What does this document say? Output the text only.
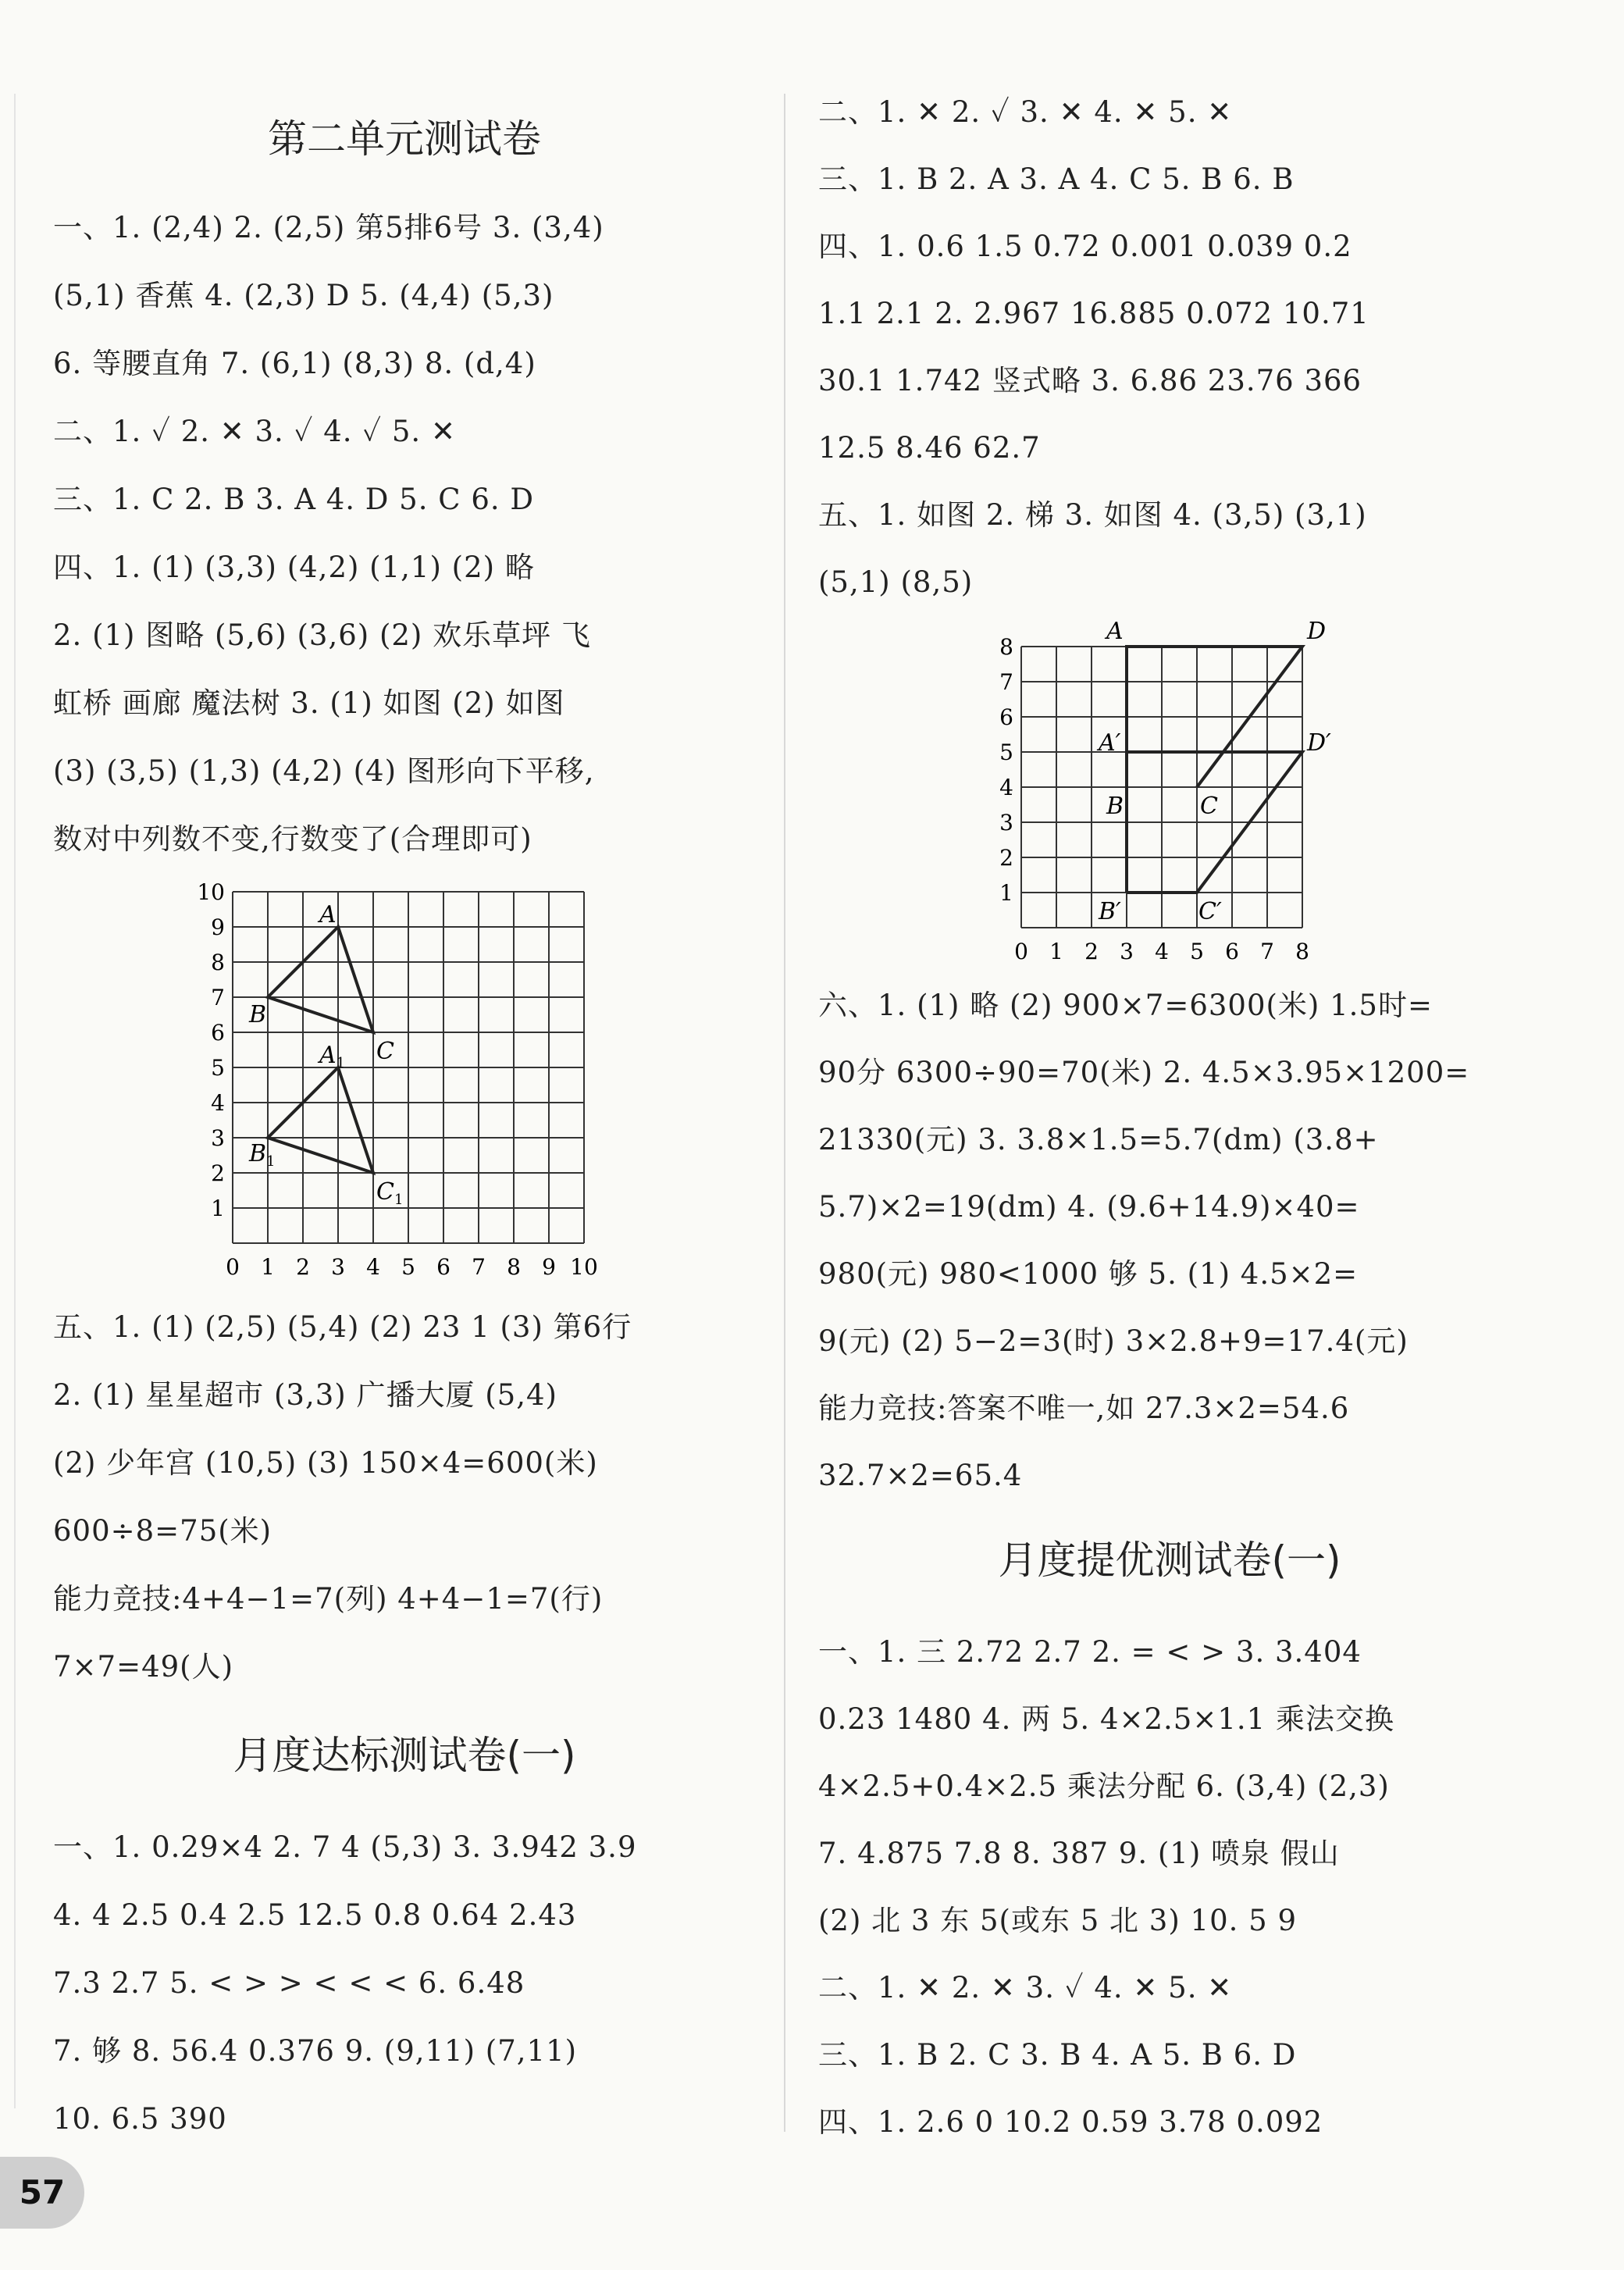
第二单元测试卷
一、1. (2,4) 2. (2,5) 第5排6号 3. (3,4)
(5,1) 香蕉 4. (2,3) D 5. (4,4) (5,3)
6. 等腰直角 7. (6,1) (8,3) 8. (d,4)
二、1. ✓ 2. ✕ 3. ✓ 4. ✓ 5. ✕
三、1. C 2. B 3. A 4. D 5. C 6. D
四、1. (1) (3,3) (4,2) (1,1) (2) 略
2. (1) 图略 (5,6) (3,6) (2) 欢乐草坪 飞
虹桥 画廊 魔法树 3. (1) 如图 (2) 如图
(3) (3,5) (1,3) (4,2) (4) 图形向下平移,
数对中列数不变,行数变了(合理即可)
0 1 2 3 4 5 6 7 8 9 10
1
2
3
4
5
6
7
8
9
10
A
B
C
$A_1$
$B_1$
$C_1$
五、1. (1) (2,5) (5,4) (2) 23 1 (3) 第6行
2. (1) 星星超市 (3,3) 广播大厦 (5,4)
(2) 少年宫 (10,5) (3) 150×4=600(米)
600÷8=75(米)
能力竞技:4+4−1=7(列) 4+4−1=7(行)
7×7=49(人)
月度达标测试卷(一)
一、1. 0.29×4 2. 7 4 (5,3) 3. 3.942 3.9
4. 4 2.5 0.4 2.5 12.5 0.8 0.64 2.43
7.3 2.7 5. < > > < < < 6. 6.48
7. 够 8. 56.4 0.376 9. (9,11) (7,11)
10. 6.5 390
二、1. ✕ 2. ✓ 3. ✕ 4. ✕ 5. ✕
三、1. B 2. A 3. A 4. C 5. B 6. B
四、1. 0.6 1.5 0.72 0.001 0.039 0.2
1.1 2.1 2. 2.967 16.885 0.072 10.71
30.1 1.742 竖式略 3. 6.86 23.76 366
12.5 8.46 62.7
五、1. 如图 2. 梯 3. 如图 4. (3,5) (3,1)
(5,1) (8,5)
0 1 2 3 4 5 6 7 8
1
2
3
4
5
6
7
8
A	D
B	C
A′	D′
B′	C′
六、1. (1) 略 (2) 900×7=6300(米) 1.5时=
90分 6300÷90=70(米) 2. 4.5×3.95×1200=
21330(元) 3. 3.8×1.5=5.7(dm) (3.8+
5.7)×2=19(dm) 4. (9.6+14.9)×40=
980(元) 980<1000 够 5. (1) 4.5×2=
9(元) (2) 5−2=3(时) 3×2.8+9=17.4(元)
能力竞技:答案不唯一,如 27.3×2=54.6
32.7×2=65.4
月度提优测试卷(一)
一、1. 三 2.72 2.7 2. = < > 3. 3.404
0.23 1480 4. 两 5. 4×2.5×1.1 乘法交换
4×2.5+0.4×2.5 乘法分配 6. (3,4) (2,3)
7. 4.875 7.8 8. 387 9. (1) 喷泉 假山
(2) 北 3 东 5(或东 5 北 3) 10. 5 9
二、1. ✕ 2. ✕ 3. ✓ 4. ✕ 5. ✕
三、1. B 2. C 3. B 4. A 5. B 6. D
四、1. 2.6 0 10.2 0.59 3.78 0.092
57
